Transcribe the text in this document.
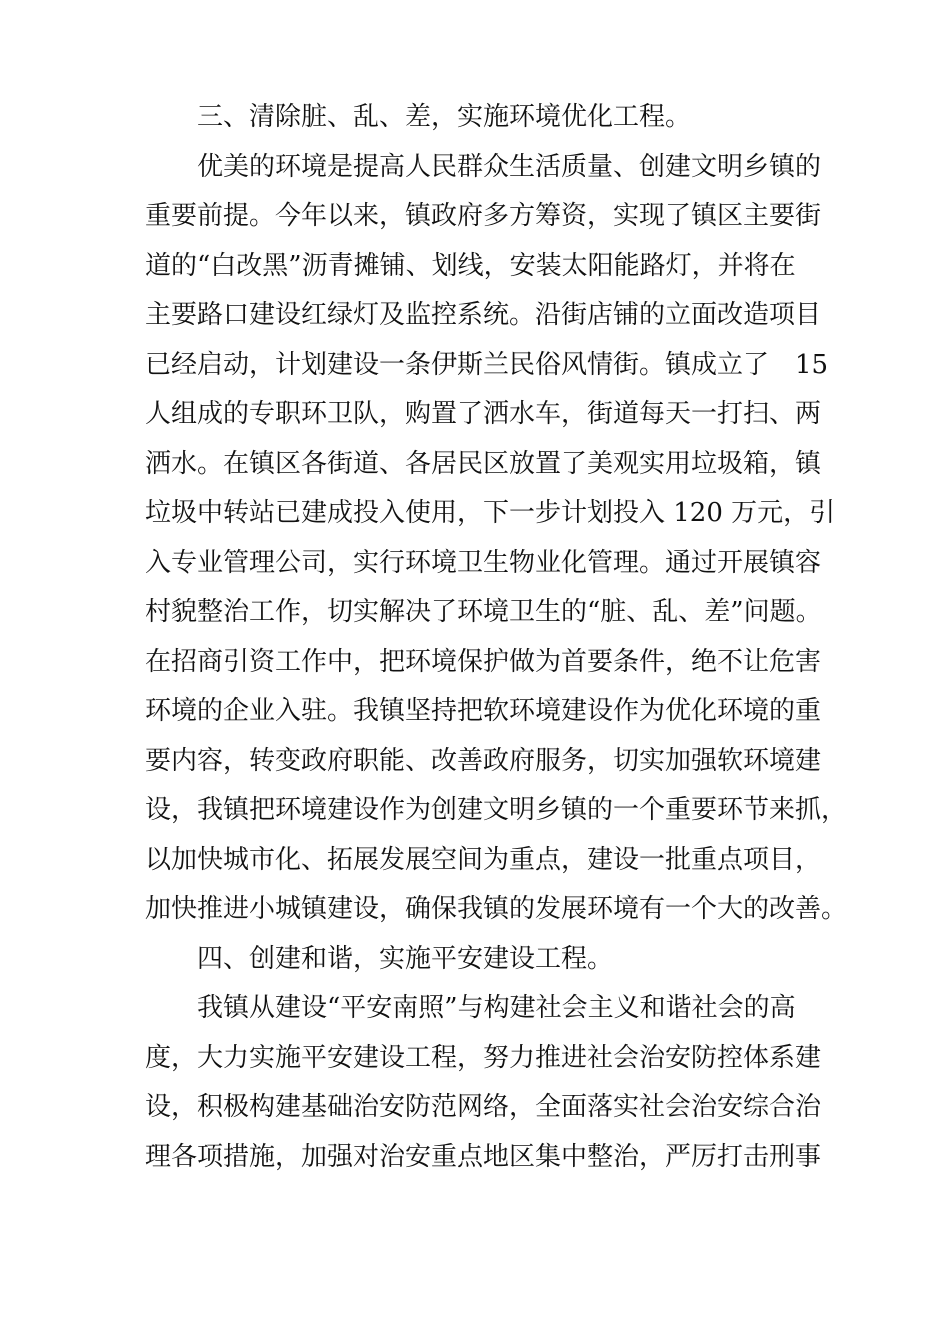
三、清除脏、乱、差，实施环境优化工程。
优美的环境是提高人民群众生活质量、创建文明乡镇的
重要前提。今年以来，镇政府多方筹资，实现了镇区主要街
道的“白改黑”沥青摊铺、划线，安装太阳能路灯，并将在
主要路口建设红绿灯及监控系统。沿街店铺的立面改造项目
已经启动，计划建设一条伊斯兰民俗风情街。镇成立了　15
人组成的专职环卫队，购置了洒水车，街道每天一打扫、两
洒水。在镇区各街道、各居民区放置了美观实用垃圾箱，镇
垃圾中转站已建成投入使用，下一步计划投入 120 万元，引
入专业管理公司，实行环境卫生物业化管理。通过开展镇容
村貌整治工作，切实解决了环境卫生的“脏、乱、差”问题。
在招商引资工作中，把环境保护做为首要条件，绝不让危害
环境的企业入驻。我镇坚持把软环境建设作为优化环境的重
要内容，转变政府职能、改善政府服务，切实加强软环境建
设，我镇把环境建设作为创建文明乡镇的一个重要环节来抓，
以加快城市化、拓展发展空间为重点，建设一批重点项目，
加快推进小城镇建设，确保我镇的发展环境有一个大的改善。
四、创建和谐，实施平安建设工程。
我镇从建设“平安南照”与构建社会主义和谐社会的高
度，大力实施平安建设工程，努力推进社会治安防控体系建
设，积极构建基础治安防范网络，全面落实社会治安综合治
理各项措施，加强对治安重点地区集中整治，严厉打击刑事
